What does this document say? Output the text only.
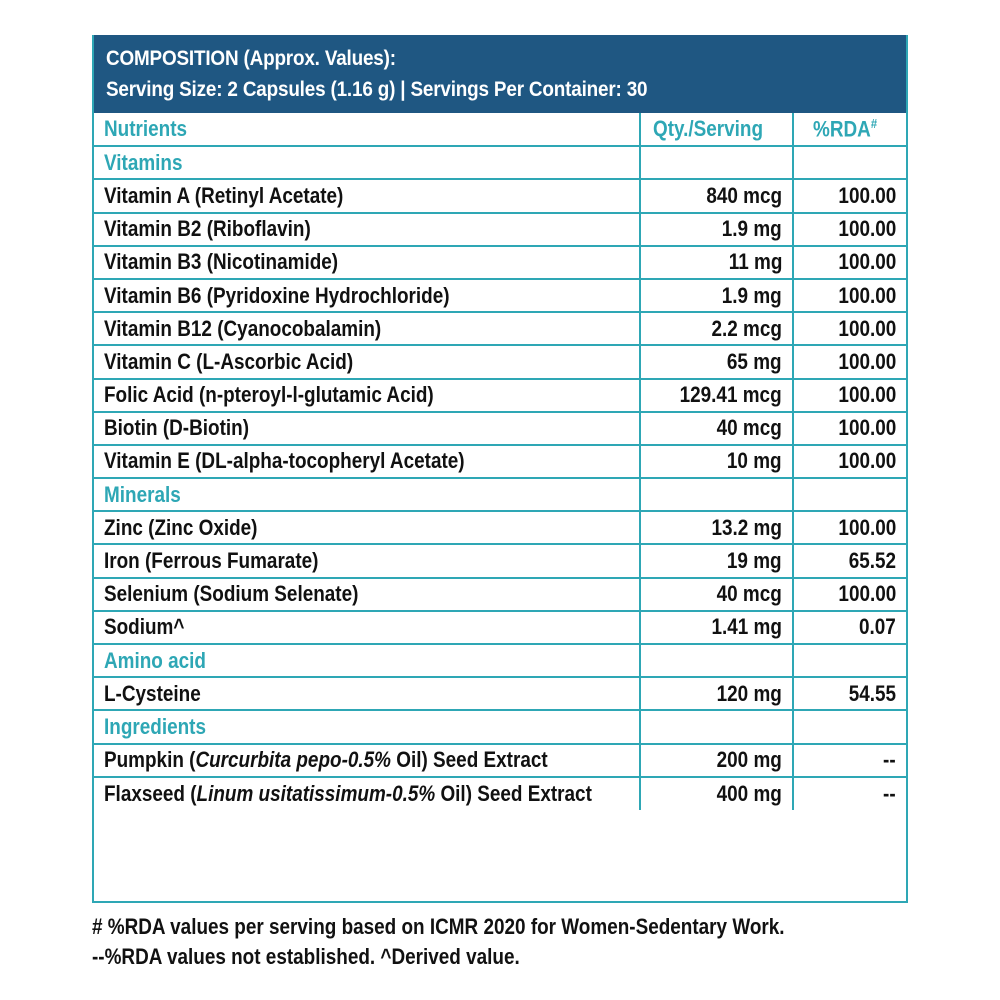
COMPOSITION (Approx. Values):
Serving Size: 2 Capsules (1.16 g) | Servings Per Container: 30
Nutrients	Qty./Serving	%RDA#
Vitamins		
Vitamin A (Retinyl Acetate)	840 mcg	100.00
Vitamin B2 (Riboflavin)	1.9 mg	100.00
Vitamin B3 (Nicotinamide)	11 mg	100.00
Vitamin B6 (Pyridoxine Hydrochloride)	1.9 mg	100.00
Vitamin B12 (Cyanocobalamin)	2.2 mcg	100.00
Vitamin C (L-Ascorbic Acid)	65 mg	100.00
Folic Acid (n-pteroyl-l-glutamic Acid)	129.41 mcg	100.00
Biotin (D-Biotin)	40 mcg	100.00
Vitamin E (DL-alpha-tocopheryl Acetate)	10 mg	100.00
Minerals		
Zinc (Zinc Oxide)	13.2 mg	100.00
Iron (Ferrous Fumarate)	19 mg	65.52
Selenium (Sodium Selenate)	40 mcg	100.00
Sodium^	1.41 mg	0.07
Amino acid		
L-Cysteine	120 mg	54.55
Ingredients		
Pumpkin (Curcurbita pepo-0.5% Oil) Seed Extract	200 mg	--
Flaxseed (Linum usitatissimum-0.5% Oil) Seed Extract	400 mg	--
# %RDA values per serving based on ICMR 2020 for Women-Sedentary Work.
--%RDA values not established. ^Derived value.
